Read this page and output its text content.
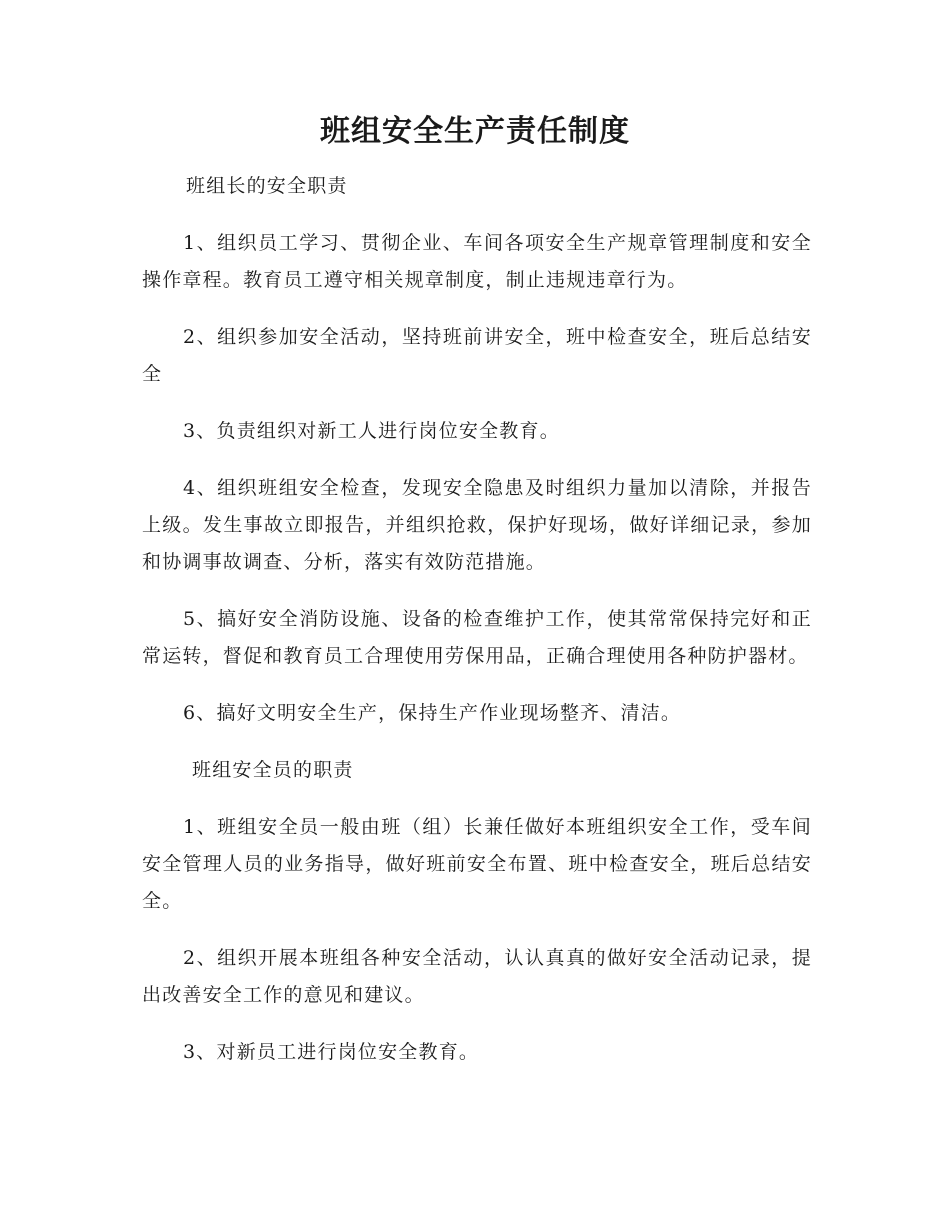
班组安全生产责任制度

班组长的安全职责

1、组织员工学习、贯彻企业、车间各项安全生产规章管理制度和安全操作章程。教育员工遵守相关规章制度，制止违规违章行为。

2、组织参加安全活动，坚持班前讲安全，班中检查安全，班后总结安全

3、负责组织对新工人进行岗位安全教育。

4、组织班组安全检查，发现安全隐患及时组织力量加以清除，并报告上级。发生事故立即报告，并组织抢救，保护好现场，做好详细记录，参加和协调事故调查、分析，落实有效防范措施。

5、搞好安全消防设施、设备的检查维护工作，使其常常保持完好和正常运转，督促和教育员工合理使用劳保用品，正确合理使用各种防护器材。

6、搞好文明安全生产，保持生产作业现场整齐、清洁。

班组安全员的职责

1、班组安全员一般由班（组）长兼任做好本班组织安全工作，受车间安全管理人员的业务指导，做好班前安全布置、班中检查安全，班后总结安全。

2、组织开展本班组各种安全活动，认认真真的做好安全活动记录，提出改善安全工作的意见和建议。

3、对新员工进行岗位安全教育。
